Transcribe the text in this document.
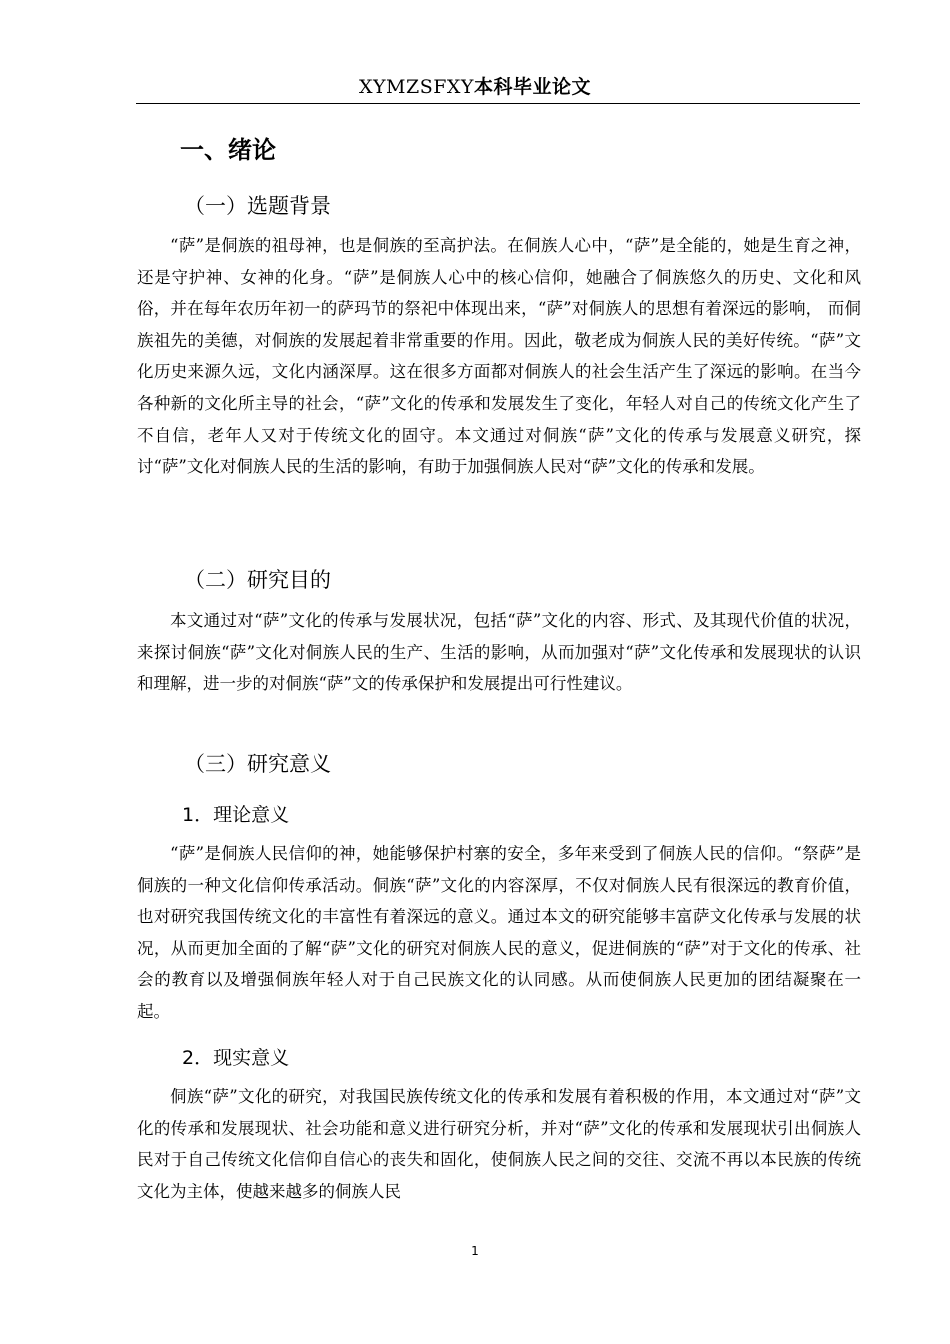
XYMZSFXY本科毕业论文
一、绪论
（一）选题背景
“萨”是侗族的祖母神，也是侗族的至高护法。在侗族人心中，“萨”是全能的，她是生育之神，还是守护神、女神的化身。“萨”是侗族人心中的核心信仰，她融合了侗族悠久的历史、文化和风俗，并在每年农历年初一的萨玛节的祭祀中体现出来，“萨”对侗族人的思想有着深远的影响， 而侗族祖先的美德，对侗族的发展起着非常重要的作用。因此，敬老成为侗族人民的美好传统。“萨”文化历史来源久远，文化内涵深厚。这在很多方面都对侗族人的社会生活产生了深远的影响。在当今各种新的文化所主导的社会，“萨”文化的传承和发展发生了变化，年轻人对自己的传统文化产生了不自信，老年人又对于传统文化的固守。本文通过对侗族“萨”文化的传承与发展意义研究，探讨“萨”文化对侗族人民的生活的影响，有助于加强侗族人民对“萨”文化的传承和发展。
（二）研究目的
本文通过对“萨”文化的传承与发展状况，包括“萨”文化的内容、形式、及其现代价值的状况，来探讨侗族“萨”文化对侗族人民的生产、生活的影响，从而加强对“萨”文化传承和发展现状的认识和理解，进一步的对侗族“萨”文的传承保护和发展提出可行性建议。
（三）研究意义
1．理论意义
“萨”是侗族人民信仰的神，她能够保护村寨的安全，多年来受到了侗族人民的信仰。“祭萨”是侗族的一种文化信仰传承活动。侗族“萨”文化的内容深厚，不仅对侗族人民有很深远的教育价值，也对研究我国传统文化的丰富性有着深远的意义。通过本文的研究能够丰富萨文化传承与发展的状况，从而更加全面的了解“萨”文化的研究对侗族人民的意义，促进侗族的“萨”对于文化的传承、社会的教育以及增强侗族年轻人对于自己民族文化的认同感。从而使侗族人民更加的团结凝聚在一起。
2．现实意义
侗族“萨”文化的研究，对我国民族传统文化的传承和发展有着积极的作用，本文通过对“萨”文化的传承和发展现状、社会功能和意义进行研究分析，并对“萨”文化的传承和发展现状引出侗族人民对于自己传统文化信仰自信心的丧失和固化，使侗族人民之间的交往、交流不再以本民族的传统文化为主体，使越来越多的侗族人民
1
